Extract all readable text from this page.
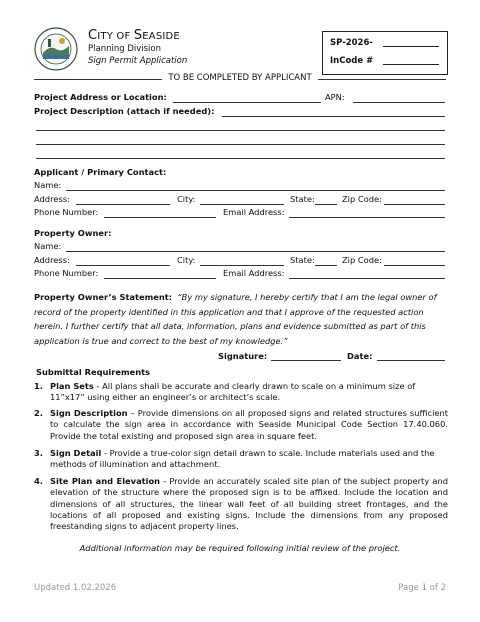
CITY OF SEASIDE
Planning Division
Sign Permit Application
SP-2026-
InCode #
TO BE COMPLETED BY APPLICANT
Project Address or Location:	APN:
Project Description (attach if needed):
Applicant / Primary Contact:
Name:
Address:	City:	State:	Zip Code:
Phone Number:	Email Address:
Property Owner:
Name:
Address:	City:	State:	Zip Code:
Phone Number:	Email Address:
Property Owner’s Statement: “By my signature, I hereby certify that I am the legal owner of record of the property identified in this application and that I approve of the requested action herein. I further certify that all data, information, plans and evidence submitted as part of this application is true and correct to the best of my knowledge.”
Signature:	Date:
Submittal Requirements
1. Plan Sets - All plans shall be accurate and clearly drawn to scale on a minimum size of 11”x17” using either an engineer’s or architect’s scale.
2. Sign Description – Provide dimensions on all proposed signs and related structures sufficient to calculate the sign area in accordance with Seaside Municipal Code Section 17.40.060. Provide the total existing and proposed sign area in square feet.
3. Sign Detail - Provide a true-color sign detail drawn to scale. Include materials used and the methods of illumination and attachment.
4. Site Plan and Elevation - Provide an accurately scaled site plan of the subject property and elevation of the structure where the proposed sign is to be affixed. Include the location and dimensions of all structures, the linear wall feet of all building street frontages, and the locations of all proposed and existing signs. Include the dimensions from any proposed freestanding signs to adjacent property lines.
Additional information may be required following initial review of the project.
Updated 1.02.2026	Page 1 of 2
